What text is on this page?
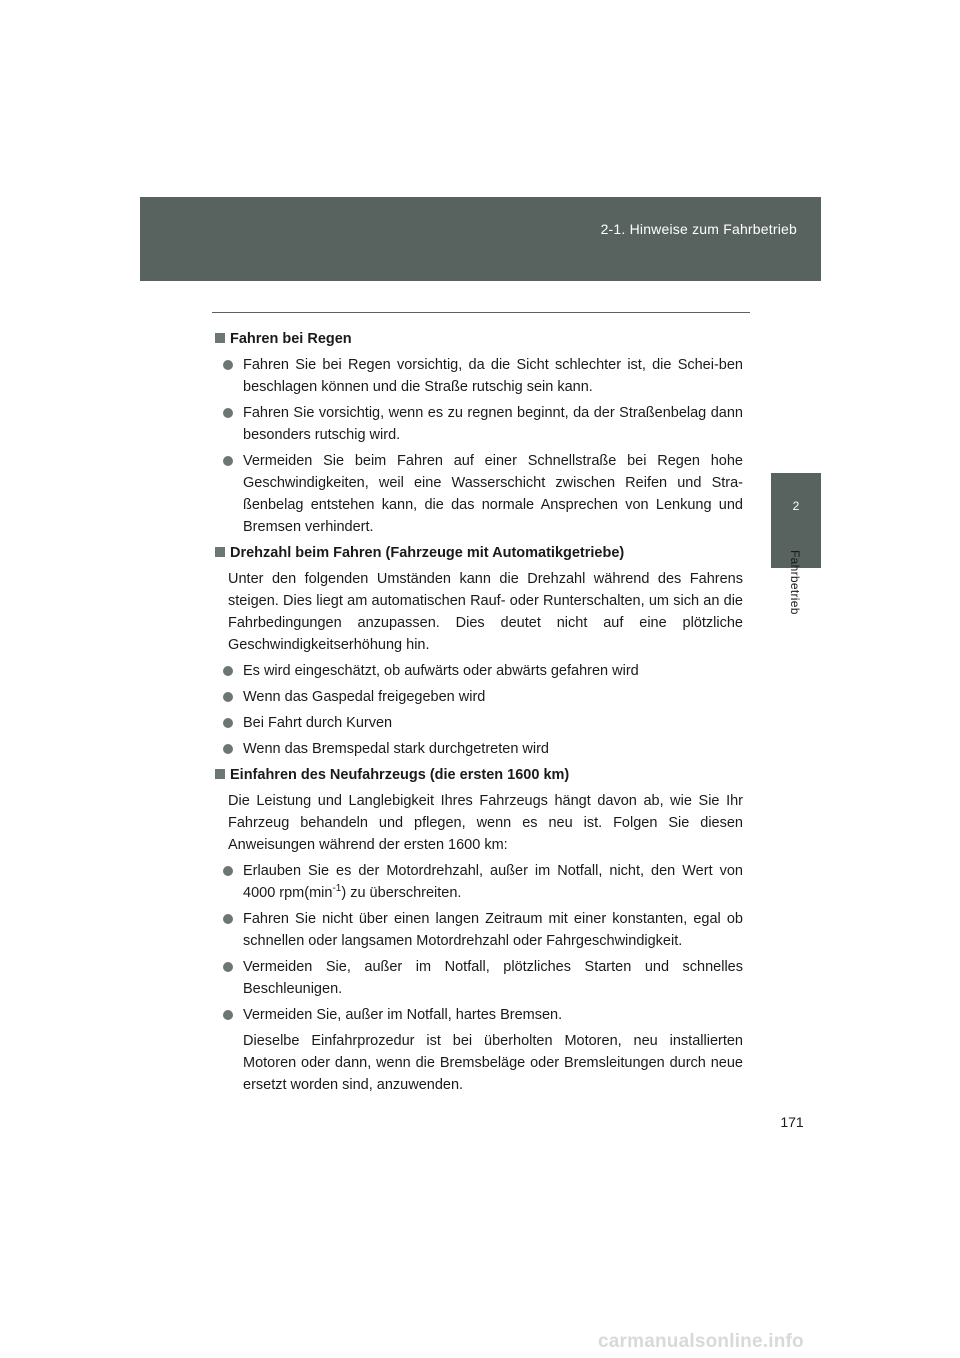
2-1. Hinweise zum Fahrbetrieb
2
Fahrbetrieb
Fahren bei Regen
Fahren Sie bei Regen vorsichtig, da die Sicht schlechter ist, die Schei-ben beschlagen können und die Straße rutschig sein kann.
Fahren Sie vorsichtig, wenn es zu regnen beginnt, da der Straßenbelag dann besonders rutschig wird.
Vermeiden Sie beim Fahren auf einer Schnellstraße bei Regen hohe Geschwindigkeiten, weil eine Wasserschicht zwischen Reifen und Stra-ßenbelag entstehen kann, die das normale Ansprechen von Lenkung und Bremsen verhindert.
Drehzahl beim Fahren (Fahrzeuge mit Automatikgetriebe)
Unter den folgenden Umständen kann die Drehzahl während des Fahrens steigen. Dies liegt am automatischen Rauf- oder Runterschalten, um sich an die Fahrbedingungen anzupassen. Dies deutet nicht auf eine plötzliche Geschwindigkeitserhöhung hin.
Es wird eingeschätzt, ob aufwärts oder abwärts gefahren wird
Wenn das Gaspedal freigegeben wird
Bei Fahrt durch Kurven
Wenn das Bremspedal stark durchgetreten wird
Einfahren des Neufahrzeugs (die ersten 1600 km)
Die Leistung und Langlebigkeit Ihres Fahrzeugs hängt davon ab, wie Sie Ihr Fahrzeug behandeln und pflegen, wenn es neu ist. Folgen Sie diesen Anweisungen während der ersten 1600 km:
Erlauben Sie es der Motordrehzahl, außer im Notfall, nicht, den Wert von 4000 $rpm(\min^{-1})$ zu überschreiten.
Fahren Sie nicht über einen langen Zeitraum mit einer konstanten, egal ob schnellen oder langsamen Motordrehzahl oder Fahrgeschwindigkeit.
Vermeiden Sie, außer im Notfall, plötzliches Starten und schnelles Beschleunigen.
Vermeiden Sie, außer im Notfall, hartes Bremsen.
Dieselbe Einfahrprozedur ist bei überholten Motoren, neu installierten Motoren oder dann, wenn die Bremsbeläge oder Bremsleitungen durch neue ersetzt worden sind, anzuwenden.
171
carmanualsonline.info
